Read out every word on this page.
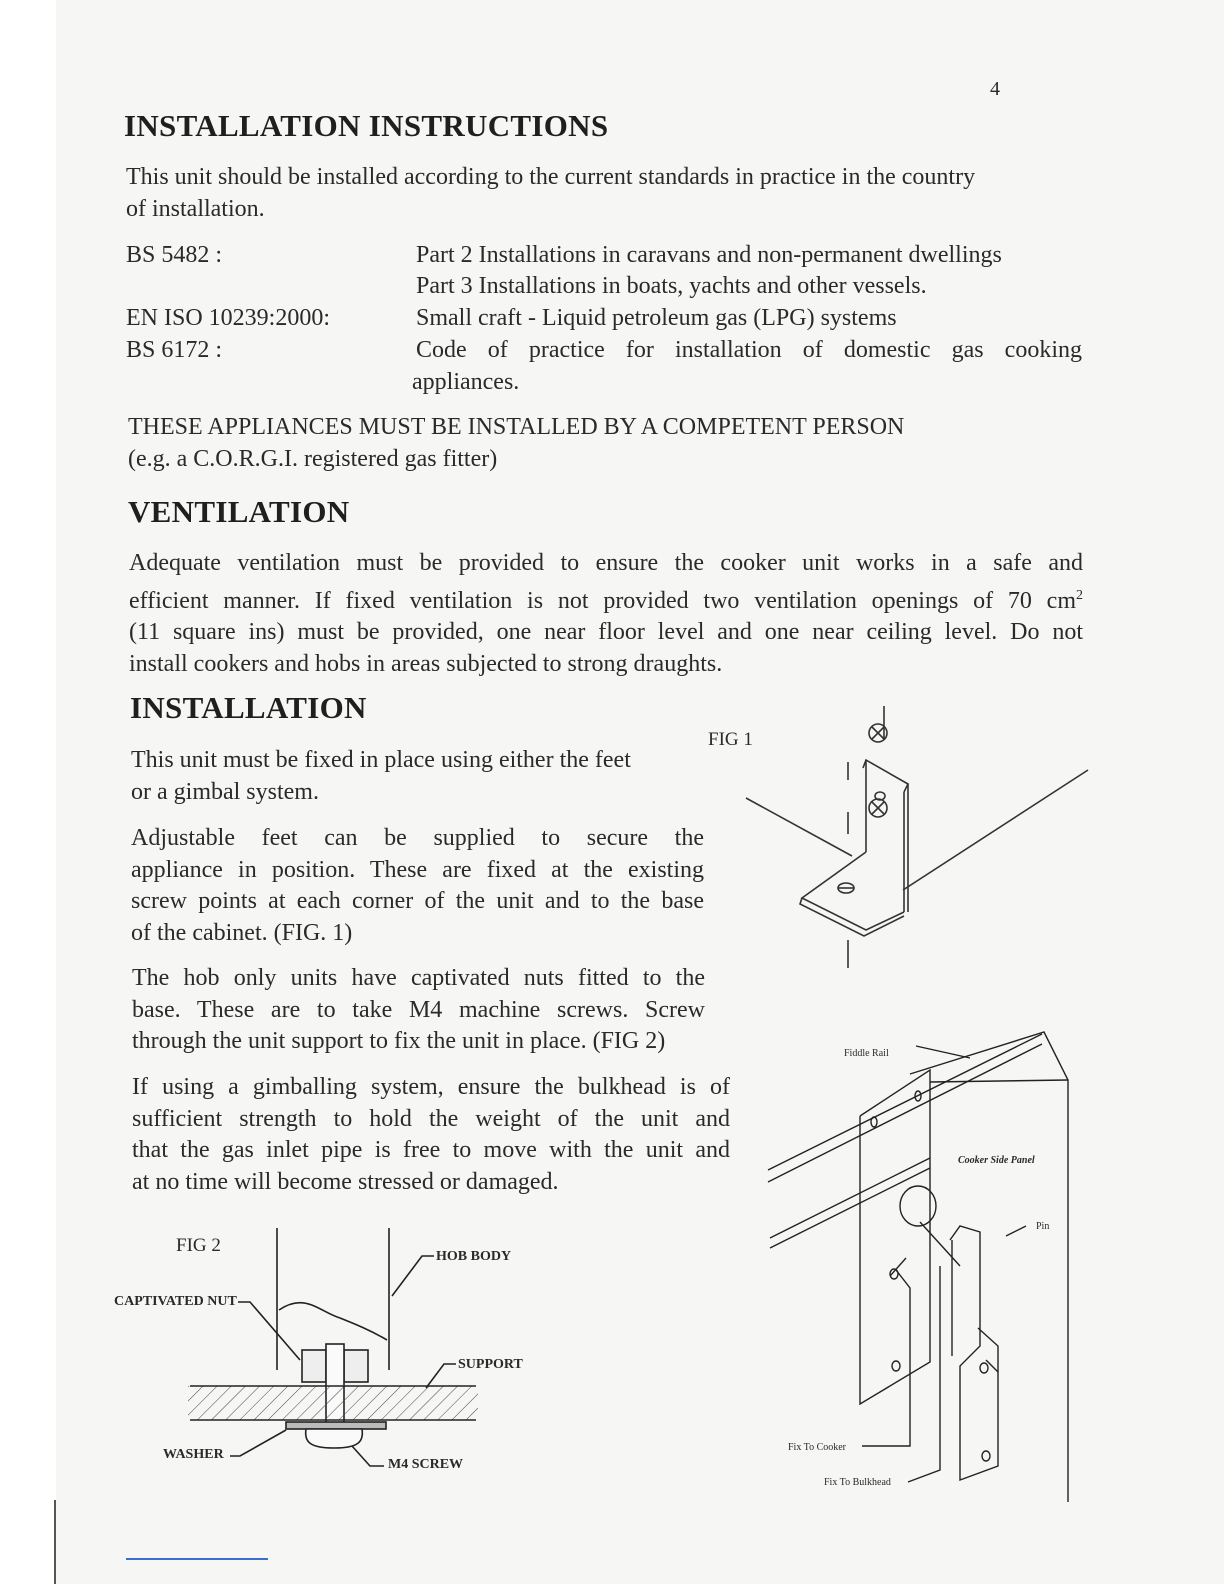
4
INSTALLATION INSTRUCTIONS
This unit should be installed according to the current standards in practice in the country
of installation.
BS 5482 :	Part 2 Installations in caravans and non-permanent dwellings
Part 3 Installations in boats, yachts and other vessels.
EN ISO 10239:2000:	Small craft - Liquid petroleum gas (LPG) systems
BS 6172 :	Code of practice for installation of domestic gas cooking
appliances.
THESE APPLIANCES MUST BE INSTALLED BY A COMPETENT PERSON
(e.g. a C.O.R.G.I. registered gas fitter)
VENTILATION
Adequate ventilation must be provided to ensure the cooker unit works in a safe and
efficient manner. If fixed ventilation is not provided two ventilation openings of 70 $cm^2$
(11 square ins) must be provided, one near floor level and one near ceiling level. Do not
install cookers and hobs in areas subjected to strong draughts.
INSTALLATION
This unit must be fixed in place using either the feet
or a gimbal system.
Adjustable feet can be supplied to secure the
appliance in position. These are fixed at the existing
screw points at each corner of the unit and to the base
of the cabinet. (FIG. 1)
The hob only units have captivated nuts fitted to the
base. These are to take M4 machine screws. Screw
through the unit support to fix the unit in place. (FIG 2)
If using a gimballing system, ensure the bulkhead is of
sufficient strength to hold the weight of the unit and
that the gas inlet pipe is free to move with the unit and
at no time will become stressed or damaged.
FIG 1
FIG 2
HOB BODY
CAPTIVATED NUT
SUPPORT
WASHER
M4 SCREW
Fiddle Rail
Cooker Side Panel
Pin
Fix To Cooker
Fix To Bulkhead
